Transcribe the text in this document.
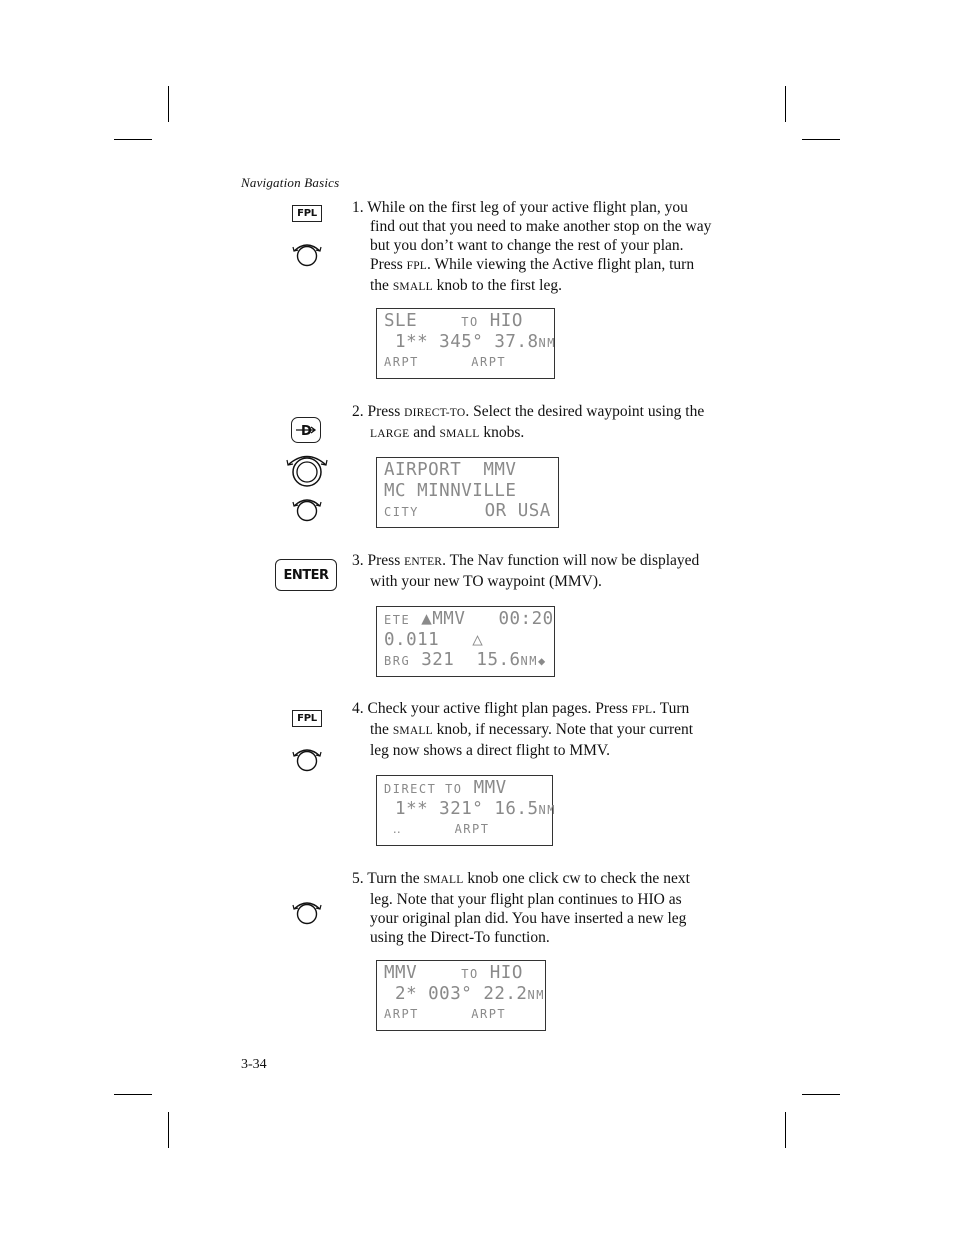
Navigation Basics
FPL 1. While on the first leg of your active flight plan, you find out that you need to make another stop on the way but you don’t want to change the rest of your plan. Press FPL. While viewing the Active flight plan, turn the SMALL knob to the first leg.

SLE    TO HIO
1** 345° 37.8NM
ARPT      ARPT
D

2. Press DIRECT-TO. Select the desired waypoint using the LARGE and SMALL knobs.

AIRPORT  MMV
MC MINNVILLE
CITY       OR USA
ENTER

3. Press ENTER. The Nav function will now be displayed with your new TO waypoint (MMV).

ETE ▲MMV   00:20
0.011   △
BRG 321  15.6NM◆
FPL

4. Check your active flight plan pages. Press FPL. Turn the SMALL knob, if necessary. Note that your current leg now shows a direct flight to MMV.

DIRECT TO MMV
1** 321° 16.5NM
‥      ARPT

5. Turn the SMALL knob one click cw to check the next leg. Note that your flight plan continues to HIO as your original plan did. You have inserted a new leg using the Direct-To function.

MMV    TO HIO
2* 003° 22.2NM
ARPT      ARPT
3-34
